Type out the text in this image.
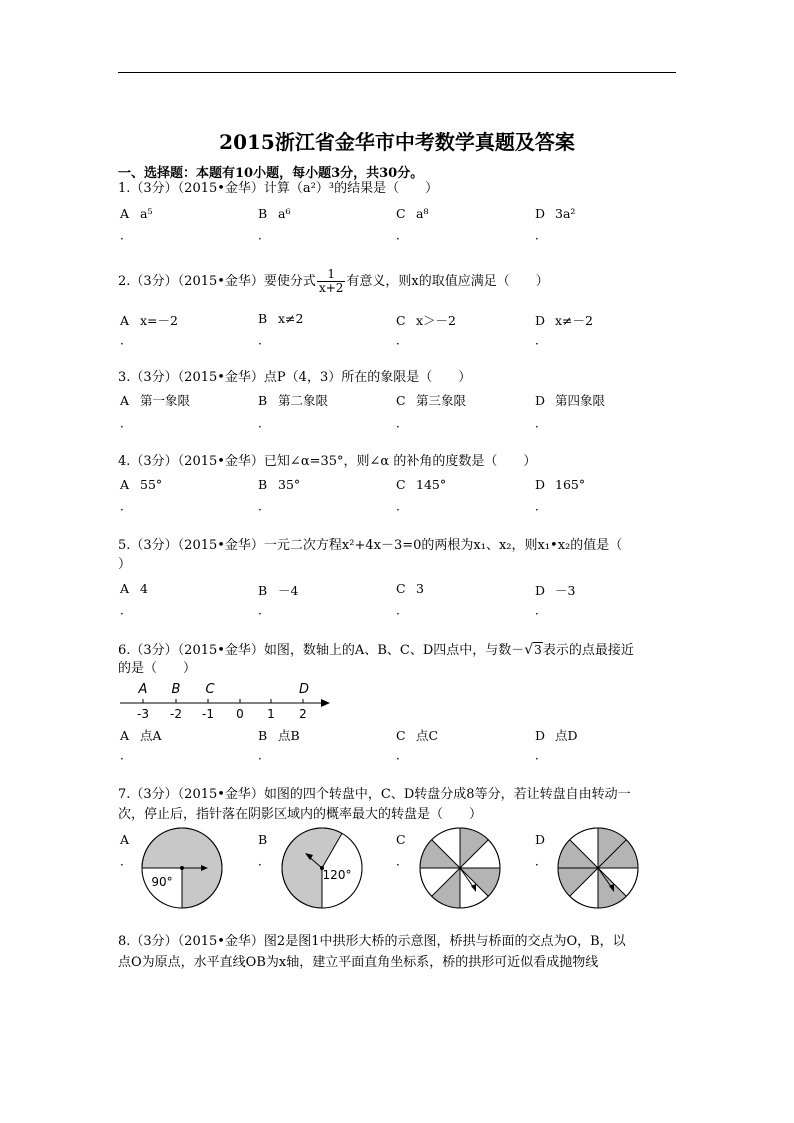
2015浙江省金华市中考数学真题及答案
一、选择题：本题有10小题，每小题3分，共30分。
1.（3分）（2015•金华）计算（a²）³的结果是（　　）
A a⁵	B a⁶	C a⁸	D 3a²
．	．	．	．
2.（3分）（2015•金华）要使分式 $\frac{1}{x+2}$ 有意义，则x的取值应满足（　　）
A x=－2	B x≠2	C x＞－2	D x≠－2
．	．	．	．
3.（3分）（2015•金华）点P（4，3）所在的象限是（　　）
A 第一象限	B 第二象限	C 第三象限	D 第四象限
．	．	．	．
4.（3分）（2015•金华）已知∠α=35°，则∠α 的补角的度数是（　　）
A 55°	B 35°	C 145°	D 165°
．	．	．	．
5.（3分）（2015•金华）一元二次方程x²+4x－3=0的两根为x₁、x₂，则x₁•x₂的值是（
）
A 4	B －4	C 3	D －3
．	．	．	．
6.（3分）（2015•金华）如图，数轴上的A、B、C、D四点中，与数－√3表示的点最接近
的是（　　）
-3 -2 -1 0 1 2
A B C	D
A 点A	B 点B	C 点C	D 点D
．	．	．	．
7.（3分）（2015•金华）如图的四个转盘中，C、D转盘分成8等分，若让转盘自由转动一
次，停止后，指针落在阴影区域内的概率最大的转盘是（　　）
A	B	C	D
．	．	．	．
90°	120°
8.（3分）（2015•金华）图2是图1中拱形大桥的示意图，桥拱与桥面的交点为O，B，以
点O为原点，水平直线OB为x轴，建立平面直角坐标系，桥的拱形可近似看成抛物线
